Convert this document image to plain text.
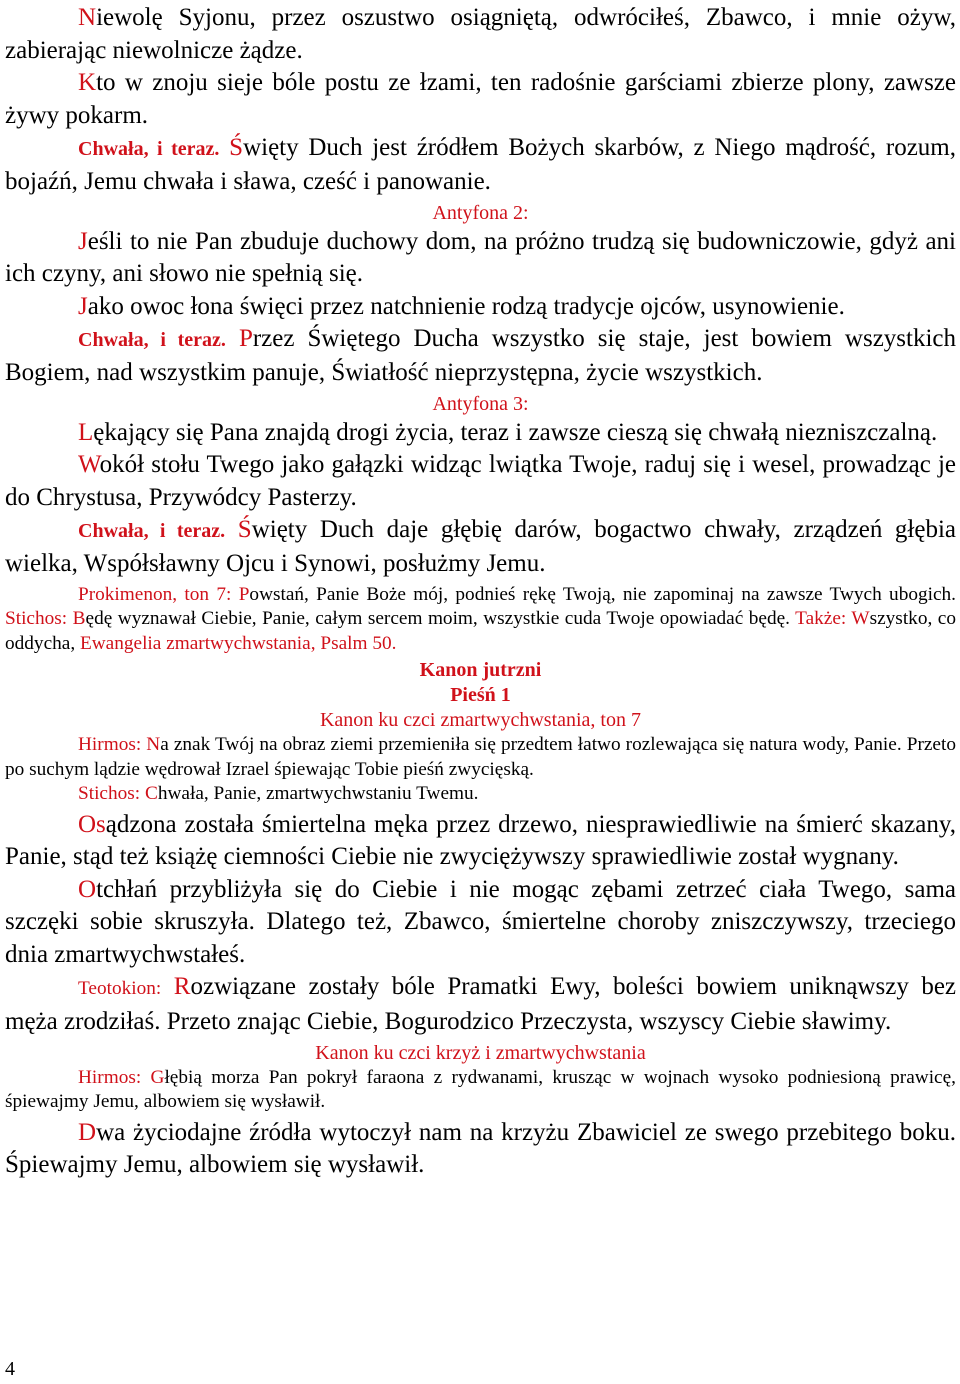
Niewolę Syjonu, przez oszustwo osiągniętą, odwróciłeś, Zbawco, i mnie ożyw, zabierając niewolnicze żądze.

Kto w znoju sieje bóle postu ze łzami, ten radośnie garściami zbierze plony, zawsze żywy pokarm.

Chwała, i teraz. Święty Duch jest źródłem Bożych skarbów, z Niego mądrość, rozum, bojaźń, Jemu chwała i sława, cześć i panowanie.

Antyfona 2:

Jeśli to nie Pan zbuduje duchowy dom, na próżno trudzą się budowniczowie, gdyż ani ich czyny, ani słowo nie spełnią się.

Jako owoc łona święci przez natchnienie rodzą tradycje ojców, usynowienie.

Chwała, i teraz. Przez Świętego Ducha wszystko się staje, jest bowiem wszystkich Bogiem, nad wszystkim panuje, Światłość nieprzystępna, życie wszystkich.

Antyfona 3:

Lękający się Pana znajdą drogi życia, teraz i zawsze cieszą się chwałą niezniszczalną.

Wokół stołu Twego jako gałązki widząc lwiątka Twoje, raduj się i wesel, prowadząc je do Chrystusa, Przywódcy Pasterzy.

Chwała, i teraz. Święty Duch daje głębię darów, bogactwo chwały, zrządzeń głębia wielka, Współsławny Ojcu i Synowi, posłużmy Jemu.

Prokimenon, ton 7: Powstań, Panie Boże mój, podnieś rękę Twoją, nie zapominaj na zawsze Twych ubogich. Stichos: Będę wyznawał Ciebie, Panie, całym sercem moim, wszystkie cuda Twoje opowiadać będę. Także: Wszystko, co oddycha, Ewangelia zmartwychwstania, Psalm 50.

Kanon jutrzni

Pieśń 1

Kanon ku czci zmartwychwstania, ton 7

Hirmos: Na znak Twój na obraz ziemi przemieniła się przedtem łatwo rozlewająca się natura wody, Panie. Przeto po suchym lądzie wędrował Izrael śpiewając Tobie pieśń zwycięską.

Stichos: Chwała, Panie, zmartwychwstaniu Twemu.

Osądzona została śmiertelna męka przez drzewo, niesprawiedliwie na śmierć skazany, Panie, stąd też książę ciemności Ciebie nie zwyciężywszy sprawiedliwie został wygnany.

Otchłań przybliżyła się do Ciebie i nie mogąc zębami zetrzeć ciała Twego, sama szczęki sobie skruszyła. Dlatego też, Zbawco, śmiertelne choroby zniszczywszy, trzeciego dnia zmartwychwstałeś.

Teotokion: Rozwiązane zostały bóle Pramatki Ewy, boleści bowiem uniknąwszy bez męża zrodziłaś. Przeto znając Ciebie, Bogurodzico Przeczysta, wszyscy Ciebie sławimy.

Kanon ku czci krzyż i zmartwychwstania

Hirmos: Głębią morza Pan pokrył faraona z rydwanami, krusząc w wojnach wysoko podniesioną prawicę, śpiewajmy Jemu, albowiem się wysławił.

Dwa życiodajne źródła wytoczył nam na krzyżu Zbawiciel ze swego przebitego boku. Śpiewajmy Jemu, albowiem się wysławił.

4
